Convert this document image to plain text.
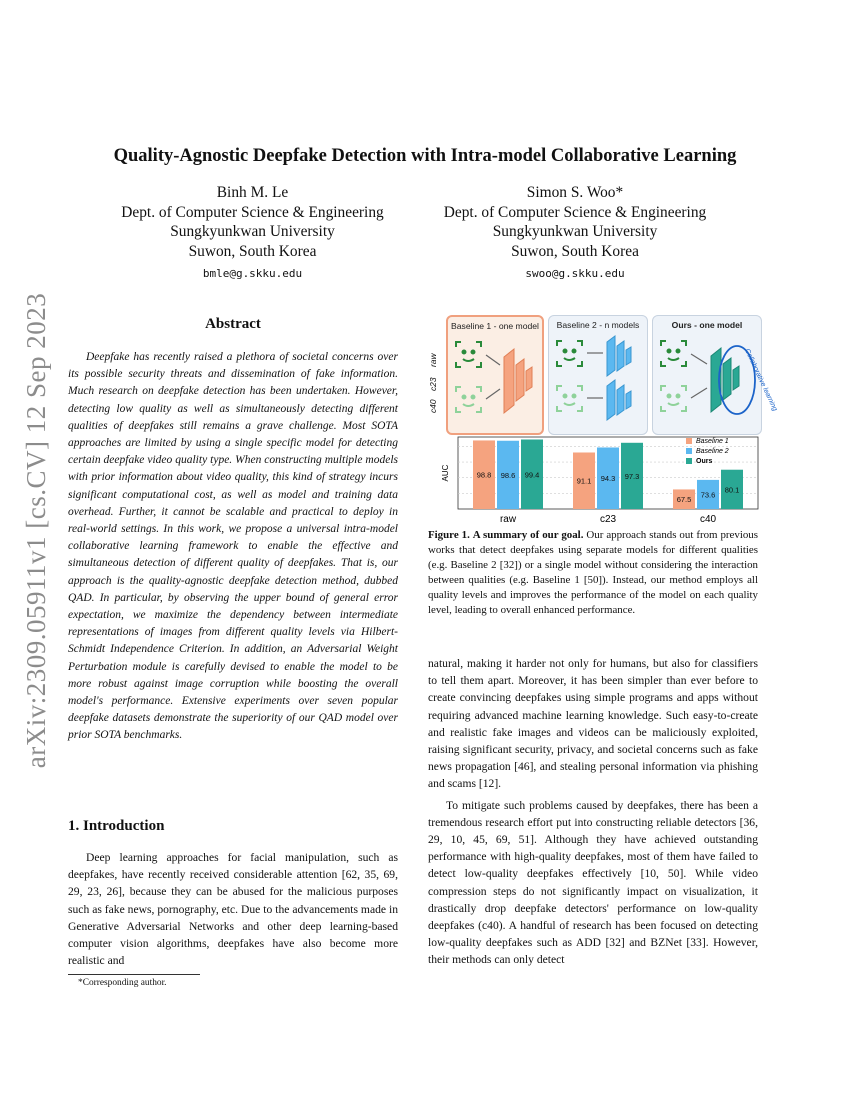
arXiv:2309.05911v1 [cs.CV] 12 Sep 2023
Quality-Agnostic Deepfake Detection with Intra-model Collaborative Learning
Binh M. Le
Dept. of Computer Science & Engineering
Sungkyunkwan University
Suwon, South Korea
bmle@g.skku.edu
Simon S. Woo*
Dept. of Computer Science & Engineering
Sungkyunkwan University
Suwon, South Korea
swoo@g.skku.edu
Abstract
Deepfake has recently raised a plethora of societal concerns over its possible security threats and dissemination of fake information. Much research on deepfake detection has been undertaken. However, detecting low quality as well as simultaneously detecting different qualities of deepfakes still remains a grave challenge. Most SOTA approaches are limited by using a single specific model for detecting certain deepfake video quality type. When constructing multiple models with prior information about video quality, this kind of strategy incurs significant computational cost, as well as model and training data overhead. Further, it cannot be scalable and practical to deploy in real-world settings. In this work, we propose a universal intra-model collaborative learning framework to enable the effective and simultaneous detection of different quality of deepfakes. That is, our approach is the quality-agnostic deepfake detection method, dubbed QAD. In particular, by observing the upper bound of general error expectation, we maximize the dependency between intermediate representations of images from different quality levels via Hilbert-Schmidt Independence Criterion. In addition, an Adversarial Weight Perturbation module is carefully devised to enable the model to be more robust against image corruption while boosting the overall model's performance. Extensive experiments over seven popular deepfake datasets demonstrate the superiority of our QAD model over prior SOTA benchmarks.
1. Introduction
Deep learning approaches for facial manipulation, such as deepfakes, have recently received considerable attention [62, 35, 69, 29, 23, 26], because they can be abused for the malicious purposes such as fake news, pornography, etc. Due to the advancements made in Generative Adversarial Networks and other deep learning-based computer vision algorithms, deepfakes have also become more realistic and
*Corresponding author.
Baseline 1 - one model	Baseline 2 - n models	Ours - one model
Collaborative learning
raw
c23
c40
AUC	98.8 98.6 99.4
raw
91.1 94.3 97.3
c23
67.5
73.6
80.1
c40
Baseline 1
Baseline 2
Ours
Figure 1. A summary of our goal. Our approach stands out from previous works that detect deepfakes using separate models for different qualities (e.g. Baseline 2 [32]) or a single model without considering the interaction between qualities (e.g. Baseline 1 [50]). Instead, our method employs all quality levels and improves the performance of the model on each quality level, leading to overall enhanced performance.

natural, making it harder not only for humans, but also for classifiers to tell them apart. Moreover, it has been simpler than ever before to create convincing deepfakes using simple programs and apps without requiring advanced machine learning knowledge. Such easy-to-create and realistic fake images and videos can be maliciously exploited, raising significant security, privacy, and societal concerns such as fake news propagation [46], and stealing personal information via phishing and scams [12].

To mitigate such problems caused by deepfakes, there has been a tremendous research effort put into constructing reliable detectors [36, 29, 10, 45, 69, 51]. Although they have achieved outstanding performance with high-quality deepfakes, most of them have failed to detect low-quality deepfakes effectively [10, 50]. While video compression steps do not significantly impact on visualization, it drastically drop deepfake detectors' performance on low-quality deepfakes (c40). A handful of research has been focused on detecting low-quality deepfakes such as ADD [32] and BZNet [33]. However, their methods can only detect
